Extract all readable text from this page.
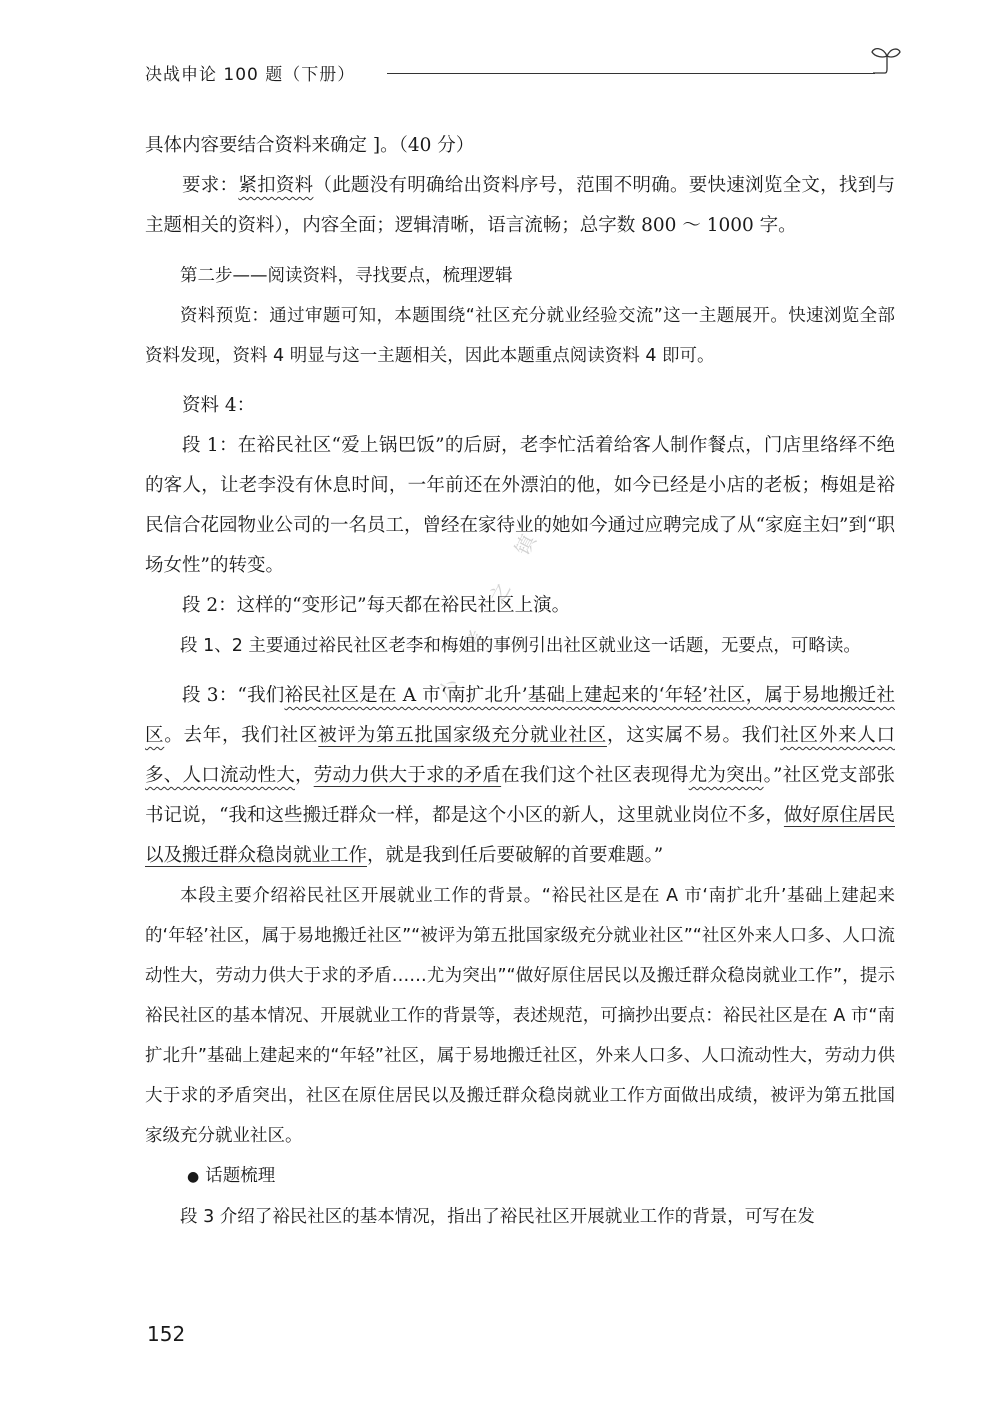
决战申论 100 题（下册）
小 考 之 镇

具体内容要结合资料来确定 ]。（40 分）

要求：紧扣资料（此题没有明确给出资料序号，范围不明确。要快速浏览全文，找到与主题相关的资料），内容全面；逻辑清晰，语言流畅；总字数 800 ～ 1000 字。

第二步——阅读资料，寻找要点，梳理逻辑

资料预览：通过审题可知，本题围绕“社区充分就业经验交流”这一主题展开。快速浏览全部资料发现，资料 4 明显与这一主题相关，因此本题重点阅读资料 4 即可。

资料 4：

段 1：在裕民社区“爱上锅巴饭”的后厨，老李忙活着给客人制作餐点，门店里络绎不绝的客人，让老李没有休息时间，一年前还在外漂泊的他，如今已经是小店的老板；梅姐是裕民信合花园物业公司的一名员工，曾经在家待业的她如今通过应聘完成了从“家庭主妇”到“职场女性”的转变。

段 2：这样的“变形记”每天都在裕民社区上演。

段 1、2 主要通过裕民社区老李和梅姐的事例引出社区就业这一话题，无要点，可略读。

段 3：“我们裕民社区是在 A 市‘南扩北升’基础上建起来的‘年轻’社区，属于易地搬迁社区。去年，我们社区被评为第五批国家级充分就业社区，这实属不易。我们社区外来人口多、人口流动性大，劳动力供大于求的矛盾在我们这个社区表现得尤为突出。”社区党支部张书记说，“我和这些搬迁群众一样，都是这个小区的新人，这里就业岗位不多，做好原住居民以及搬迁群众稳岗就业工作，就是我到任后要破解的首要难题。”

本段主要介绍裕民社区开展就业工作的背景。“裕民社区是在 A 市‘南扩北升’基础上建起来的‘年轻’社区，属于易地搬迁社区”“被评为第五批国家级充分就业社区”“社区外来人口多、人口流动性大，劳动力供大于求的矛盾……尤为突出”“做好原住居民以及搬迁群众稳岗就业工作”，提示裕民社区的基本情况、开展就业工作的背景等，表述规范，可摘抄出要点：裕民社区是在 A 市“南扩北升”基础上建起来的“年轻”社区，属于易地搬迁社区，外来人口多、人口流动性大，劳动力供大于求的矛盾突出，社区在原住居民以及搬迁群众稳岗就业工作方面做出成绩，被评为第五批国家级充分就业社区。

● 话题梳理

段 3 介绍了裕民社区的基本情况，指出了裕民社区开展就业工作的背景，可写在发

152
